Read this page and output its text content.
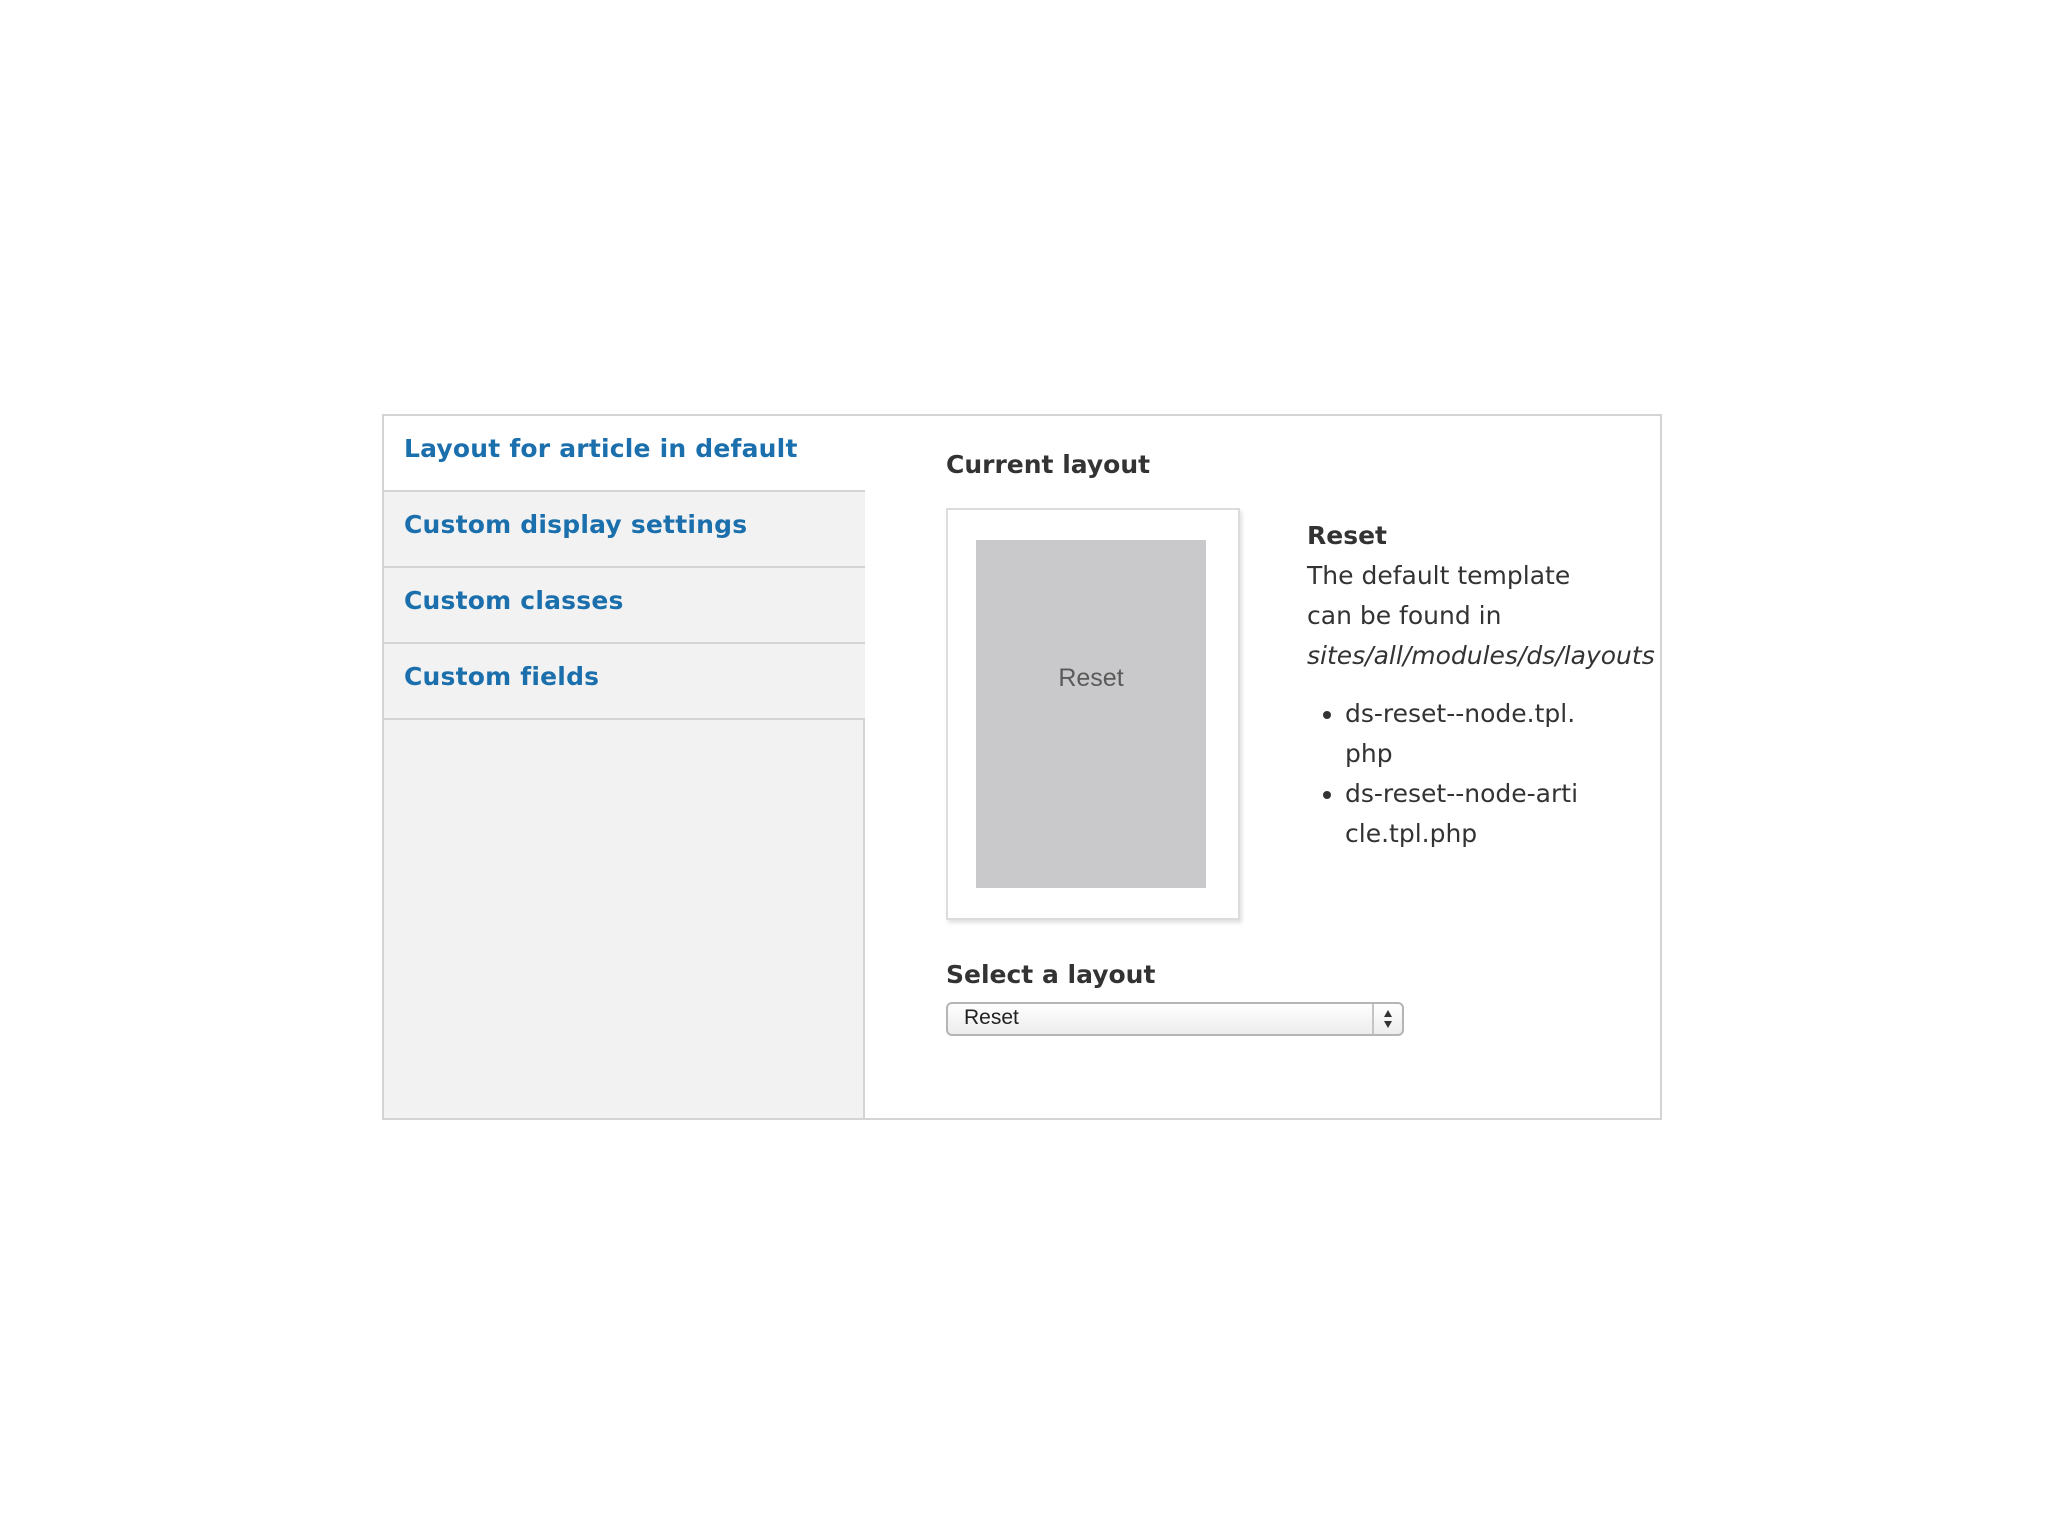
Layout for article in default
Custom display settings
Custom classes
Custom fields
Current layout
Reset
Reset
The default template can be found in
sites/all/modules/ds/layouts
• ds-reset--node.tpl.php
• ds-reset--node-article.tpl.php
Select a layout
Reset
